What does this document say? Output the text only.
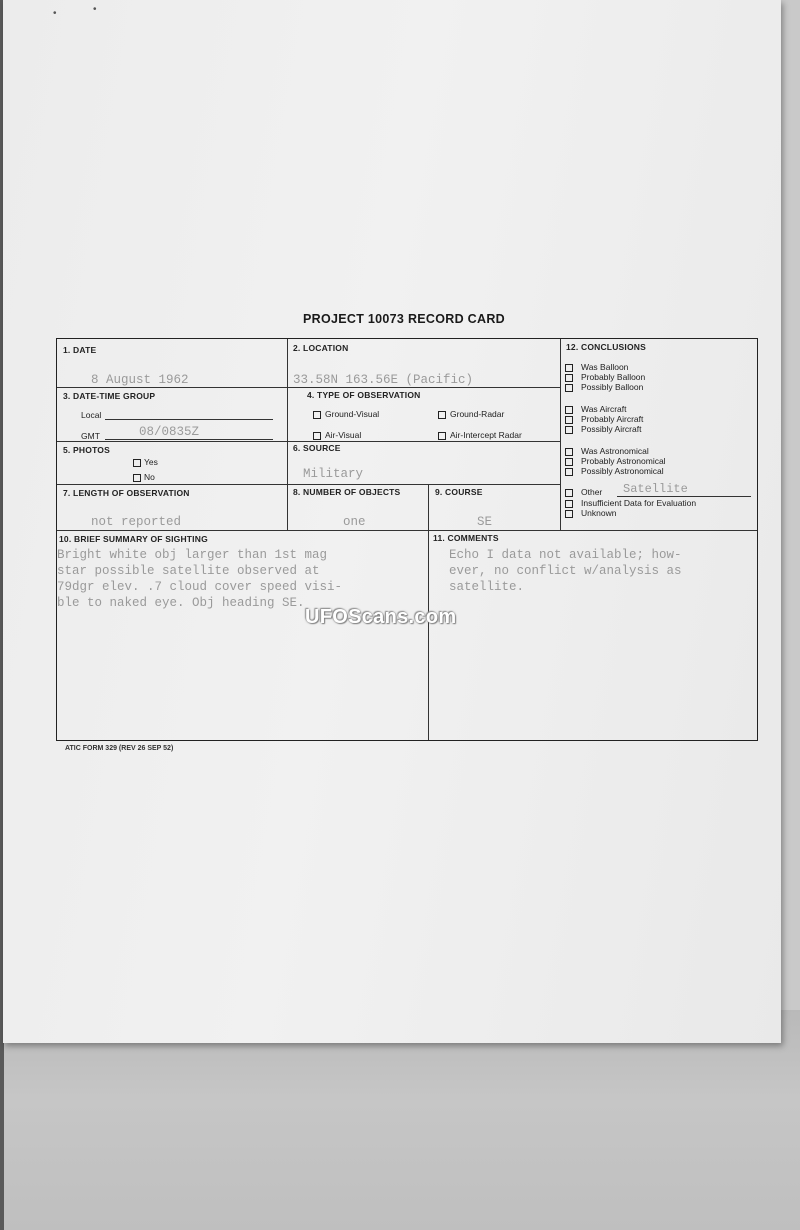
•	•
PROJECT 10073 RECORD CARD
1. DATE
8 August 1962
2. LOCATION
33.58N 163.56E (Pacific)
3. DATE-TIME GROUP
Local
GMT	08/0835Z
4. TYPE OF OBSERVATION
Ground-Visual	Ground-Radar
Air-Visual	Air-Intercept Radar
5. PHOTOS
Yes
No
6. SOURCE
Military
7. LENGTH OF OBSERVATION
not reported
8. NUMBER OF OBJECTS
one
9. COURSE
SE
10. BRIEF SUMMARY OF SIGHTING
Bright white obj larger than 1st mag
star possible satellite observed at
79dgr elev. .7 cloud cover speed visi-
ble to naked eye. Obj heading SE.
11. COMMENTS
Echo I data not available; how-
ever, no conflict w/analysis as
satellite.
12. CONCLUSIONS
Was Balloon
Probably Balloon
Possibly Balloon
Was Aircraft
Probably Aircraft
Possibly Aircraft
Was Astronomical
Probably Astronomical
Possibly Astronomical
Other Satellite
Insufficient Data for Evaluation
Unknown
ATIC FORM 329 (REV 26 SEP 52)
UFOScans.com
